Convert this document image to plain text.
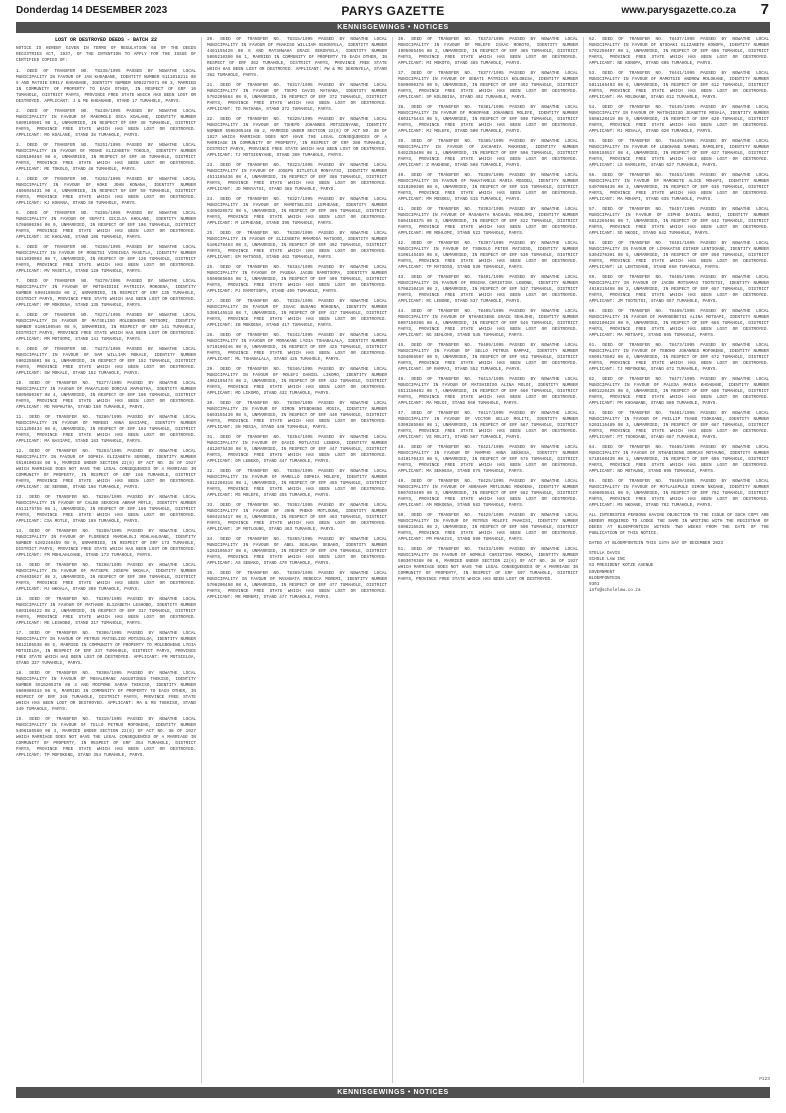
Donderdag 14 DESEMBER 2023	PARYS GAZETTE	www.parysgazette.co.za 7
KENNISGEWINGS • NOTICES

LOST OR DESTROYED DEEDS - BATCH 22

NOTICE IS HEREBY GIVEN IN TERMS OF REGULATION 68 OF THE DEEDS REGISTRIES ACT, 1937, OF THE INTENTION TO APPLY FOR THE ISSUE OF CERTIFIED COPIES OF:

1. DEED OF TRANSFER NO. T8238/1995 PASSED BY NGWATHE LOCAL MUNICIPALITY IN FAVOUR OF JAN KHOABANE, IDENTITY NUMBER 5111015211 08 5 AND MATSIE EMILY KHOABANE, IDENTITY NUMBER 5002270371 08 3, MARRIED IN COMMUNITY OF PROPERTY TO EACH OTHER, IN RESPECT OF ERF 10 TUMAHOLE, DISTRICT PARYS, PROVINCE FREE STATE WHICH HAS BEEN LOST OR DESTROYED. APPLICANT: J & ME KHOABANE, STAND 17 TUMAHOLE, PARYS.

2. DEED OF TRANSFER NO. T8240/1995 PASSED BY NGWATHE LOCAL MUNICIPALITY IN FAVOUR OF MAKOMOLE OSCA KOALANE, IDENTITY NUMBER 5609105901 08 3, UNMARRIED, IN RESPECT OF ERF 38 TUMAHOLE, DISTRICT PARYS, PROVINCE FREE STATE WHICH HAS BEEN LOST OR DESTROYED. APPLICANT: MO KOALANE, STAND 38 TUMAHOLE, PARYS.

3. DEED OF TRANSFER NO. T8251/1995 PASSED BY NGWATHE LOCAL MUNICIPALITY IN FAVOUR OF MOSHE ELIZABETH TOKOLO, IDENTITY NUMBER 5205190484 08 6, UNMARRIED, IN RESPECT OF ERF 46 TUMAHOLE, DISTRICT PARYS, PROVINCE FREE STATE WHICH HAS BEEN LOST OR DESTROYED. APPLICANT: ME TOKOLO, STAND 46 TUMAHOLE, PARYS.

4. DEED OF TRANSFER NO. T8262/1995 PASSED BY NGWATHE LOCAL MUNICIPALITY IN FAVOUR OF KOKE JOHN KONANA, IDENTITY NUMBER 4605045431 08 4, UNMARRIED, IN RESPECT OF ERF 59 TUMAHOLE, DISTRICT PARYS, PROVINCE FREE STATE WHICH HAS BEEN LOST OR DESTROYED. APPLICANT: KJ KONANA, STAND 59 TUMAHOLE, PARYS.

5. DEED OF TRANSFER NO. T8265/1995 PASSED BY NGWATHE LOCAL MUNICIPALITY IN FAVOUR OF SEPATI CECILIA KHOLANE, IDENTITY NUMBER 5708080394 08 0, UNMARRIED, IN RESPECT OF ERF 106 TUMAHOLE, DISTRICT PARYS, PROVINCE FREE STATE WHICH HAS BEEN LOST OR DESTROYED. APPLICANT: SC KHOLANE, STAND 106 TUMAHOLE, PARYS.

6. DEED OF TRANSFER NO. T8266/1995 PASSED BY NGWATHE LOCAL MUNICIPALITY IN FAVOUR OF MOSETSI VIRGINIA MASETLA, IDENTITY NUMBER 5811030903 08 7, UNMARRIED, IN RESPECT OF ERF 120 TUMAHOLE, DISTRICT PARYS, PROVINCE FREE STATE WHICH HAS BEEN LOST OR DESTROYED. APPLICANT: MV MASETLA, STAND 120 TUMAHOLE, PARYS.

7. DEED OF TRANSFER NO. T8270/1995 PASSED BY NGWATHE LOCAL MUNICIPALITY IN FAVOUR OF MOTSHIDISI PATRICIA MOKOENA, IDENTITY NUMBER 5904150838 08 2, UNMARRIED, IN RESPECT OF ERF 135 TUMAHOLE, DISTRICT PARYS, PROVINCE FREE STATE WHICH HAS BEEN LOST OR DESTROYED. APPLICANT: MP MOKOENA, STAND 135 TUMAHOLE, PARYS.

8. DEED OF TRANSFER NO. T8271/1995 PASSED BY NGWATHE LOCAL MUNICIPALITY IN FAVOUR OF MATSELISO MOLEBOHENG MOTSOMI, IDENTITY NUMBER 6106160546 08 9, UNMARRIED, IN RESPECT OF ERF 141 TUMAHOLE, DISTRICT PARYS, PROVINCE FREE STATE WHICH HAS BEEN LOST OR DESTROYED. APPLICANT: MM MOTSOMI, STAND 141 TUMAHOLE, PARYS.

9. DEED OF TRANSFER NO. T8273/1995 PASSED BY NGWATHE LOCAL MUNICIPALITY IN FAVOUR OF SAM WILLIAM MOKALE, IDENTITY NUMBER 5902255601 08 1, UNMARRIED, IN RESPECT OF ERF 152 TUMAHOLE, DISTRICT PARYS, PROVINCE FREE STATE WHICH HAS BEEN LOST OR DESTROYED. APPLICANT: SW MOKALE, STAND 152 TUMAHOLE, PARYS.

10. DEED OF TRANSFER NO. T8277/1995 PASSED BY NGWATHE LOCAL MUNICIPALITY IN FAVOUR OF MAKATLEHO DORCAS MAPHUTHA, IDENTITY NUMBER 5605080367 08 4, UNMARRIED, IN RESPECT OF ERF 160 TUMAHOLE, DISTRICT PARYS, PROVINCE FREE STATE WHICH HAS BEEN LOST OR DESTROYED. APPLICANT: MD MAPHUTHA, STAND 160 TUMAHOLE, PARYS.

11. DEED OF TRANSFER NO. T8280/1995 PASSED BY NGWATHE LOCAL MUNICIPALITY IN FAVOUR OF MOREBI ANNA BASIAMI, IDENTITY NUMBER 5211250434 08 8, UNMARRIED, IN RESPECT OF ERF 163 TUMAHOLE, DISTRICT PARYS, PROVINCE FREE STATE WHICH HAS BEEN LOST OR DESTROYED. APPLICANT: MA BASIAMI, STAND 163 TUMAHOLE, PARYS.

12. DEED OF TRANSFER NO. T8283/1995 PASSED BY NGWATHE LOCAL MUNICIPALITY IN FAVOUR OF SOPHIA ELIZABETH SEROBE, IDENTITY NUMBER 5510100348 08 5, MARRIED UNDER SECTION 22(6) OF ACT NO. 38 OF 1927 WHICH MARRIAGE DOES NOT HAVE THE LEGAL CONSEQUENCES OF A MARRIAGE IN COMMUNITY OF PROPERTY, IN RESPECT OF ERF 166 TUMAHOLE, DISTRICT PARYS, PROVINCE FREE STATE WHICH HAS BEEN LOST OR DESTROYED. APPLICANT: SE SEROBE, STAND 166 TUMAHOLE, PARYS.

13. DEED OF TRANSFER NO. T8288/1995 PASSED BY NGWATHE LOCAL MUNICIPALITY IN FAVOUR OF CALEB SEKOCHE ABRAM MOTLE, IDENTITY NUMBER 4511175755 08 1, UNMARRIED, IN RESPECT OF ERF 169 TUMAHOLE, DISTRICT PARYS, PROVINCE FREE STATE WHICH HAS BEEN LOST OR DESTROYED. APPLICANT: CSA MOTLE, STAND 169 TUMAHOLE, PARYS.

14. DEED OF TRANSFER NO. T8289/1995 PASSED BY NGWATHE LOCAL MUNICIPALITY IN FAVOUR OF FLORENCE MAMOHLOLI MOHLAHLOANE, IDENTITY NUMBER 5202240459 08 0, UNMARRIED, IN RESPECT OF ERF 173 TUMAHOLE, DISTRICT PARYS, PROVINCE FREE STATE WHICH HAS BEEN LOST OR DESTROYED. APPLICANT: FM MOHLAHLOANE, STAND 173 TUMAHOLE, PARYS.

15. DEED OF TRANSFER NO. T8298/1995 PASSED BY NGWATHE LOCAL MUNICIPALITY IN FAVOUR OF MATSEPE JOSEPH NKOALA, IDENTITY NUMBER 4704035627 08 3, UNMARRIED, IN RESPECT OF ERF 309 TUMAHOLE, DISTRICT PARYS, PROVINCE FREE STATE WHICH HAS BEEN LOST OR DESTROYED. APPLICANT: MJ NKOALA, STAND 309 TUMAHOLE, PARYS.

16. DEED OF TRANSFER NO. T8299/1995 PASSED BY NGWATHE LOCAL MUNICIPALITY IN FAVOUR OF MATHABO ELIZABETH LESHOBO, IDENTITY NUMBER 5603190422 08 2, UNMARRIED, IN RESPECT OF ERF 317 TUMAHOLE, DISTRICT PARYS, PROVINCE FREE STATE WHICH HAS BEEN LOST OR DESTROYED. APPLICANT: ME LESHOBO, STAND 317 TUMAHOLE, PARYS.

17. DEED OF TRANSFER NO. T8306/1995 PASSED BY NGWATHE LOCAL MUNICIPALITY IN FAVOUR OF PETRUS MATSELISO MOTSIELOA, IDENTITY NUMBER 5612105538 08 5, MARRIED IN COMMUNITY OF PROPERTY TO MOLEBOHENG LYDIA MOTSIELOA, IN RESPECT OF ERF 337 TUMAHOLE, DISTRICT PARYS, PROVINCE FREE STATE WHICH HAS BEEN LOST OR DESTROYED. APPLICANT: PM MOTSIELOA, STAND 337 TUMAHOLE, PARYS.

18. DEED OF TRANSFER NO. T8308/1995 PASSED BY NGWATHE LOCAL MUNICIPALITY IN FAVOUR OF MOSALEMANE AUGUSTINUS THEKISO, IDENTITY NUMBER 5510205370 08 3 AND MOIPONE SARAH THEKISO, IDENTITY NUMBER 5609080344 08 9, MARRIED IN COMMUNITY OF PROPERTY TO EACH OTHER, IN RESPECT OF ERF 349 TUMAHOLE, DISTRICT PARYS, PROVINCE FREE STATE WHICH HAS BEEN LOST OR DESTROYED. APPLICANT: MA & MS THEKISO, STAND 349 TUMAHOLE, PARYS.

19. DEED OF TRANSFER NO. T8310/1995 PASSED BY NGWATHE LOCAL MUNICIPALITY IN FAVOUR OF TELLO PETRUS MOFOKENG, IDENTITY NUMBER 5406185560 08 4, MARRIED UNDER SECTION 22(6) OF ACT NO. 38 OF 1927 WHICH MARRIAGE DOES NOT HAVE THE LEGAL CONSEQUENCES OF A MARRIAGE IN COMMUNITY OF PROPERTY, IN RESPECT OF ERF 354 TUMAHOLE, DISTRICT PARYS, PROVINCE FREE STATE WHICH HAS BEEN LOST OR DESTROYED. APPLICANT: TP MOFOKENG, STAND 354 TUMAHOLE, PARYS.

20. DEED OF TRANSFER NO. T8315/1995 PASSED BY NGWATHE LOCAL MUNICIPALITY IN FAVOUR OF PHAKISO WILLIAM SEKONYELA, IDENTITY NUMBER 4401155420 08 6 AND MATSHWAHA GRACE SEKONYELA, IDENTITY NUMBER 5005210350 08 1, MARRIED IN COMMUNITY OF PROPERTY TO EACH OTHER, IN RESPECT OF ERF 362 TUMAHOLE, DISTRICT PARYS, PROVINCE FREE STATE WHICH HAS BEEN LOST OR DESTROYED. APPLICANT: PW & MG SEKONYELA, STAND 362 TUMAHOLE, PARYS.

21. DEED OF TRANSFER NO. T8317/1995 PASSED BY NGWATHE LOCAL MUNICIPALITY IN FAVOUR OF TSEPO DAVID MATHABA, IDENTITY NUMBER 5702205664 08 0, UNMARRIED, IN RESPECT OF ERF 372 TUMAHOLE, DISTRICT PARYS, PROVINCE FREE STATE WHICH HAS BEEN LOST OR DESTROYED. APPLICANT: TD MATHABA, STAND 372 TUMAHOLE, PARYS.

22. DEED OF TRANSFER NO. T8320/1995 PASSED BY NGWATHE LOCAL MUNICIPALITY IN FAVOUR OF TSHEPO JOHANNES MOTSIENYANE, IDENTITY NUMBER 5508305448 08 2, MARRIED UNDER SECTION 22(6) OF ACT NO. 38 OF 1927 WHICH MARRIAGE DOES NOT HAVE THE LEGAL CONSEQUENCES OF A MARRIAGE IN COMMUNITY OF PROPERTY, IN RESPECT OF ERF 380 TUMAHOLE, DISTRICT PARYS, PROVINCE FREE STATE WHICH HAS BEEN LOST OR DESTROYED. APPLICANT: TJ MOTSIENYANE, STAND 380 TUMAHOLE, PARYS.

23. DEED OF TRANSFER NO. T8323/1995 PASSED BY NGWATHE LOCAL MUNICIPALITY IN FAVOUR OF JOSEPH DITLOTLO MONYATSI, IDENTITY NUMBER 4511105436 08 4, UNMARRIED, IN RESPECT OF ERF 388 TUMAHOLE, DISTRICT PARYS, PROVINCE FREE STATE WHICH HAS BEEN LOST OR DESTROYED. APPLICANT: JD MONYATSI, STAND 388 TUMAHOLE, PARYS.

24. DEED OF TRANSFER NO. T8327/1995 PASSED BY NGWATHE LOCAL MUNICIPALITY IN FAVOUR OF MAMOTSELISI LEPHEANE, IDENTITY NUMBER 5405020572 08 5, UNMARRIED, IN RESPECT OF ERF 395 TUMAHOLE, DISTRICT PARYS, PROVINCE FREE STATE WHICH HAS BEEN LOST OR DESTROYED. APPLICANT: M LEPHEANE, STAND 395 TUMAHOLE, PARYS.

25. DEED OF TRANSFER NO. T8330/1995 PASSED BY NGWATHE LOCAL MUNICIPALITY IN FAVOUR OF ELIZABETH MMAMOSA MATSOSO, IDENTITY NUMBER 5106270463 08 3, UNMARRIED, IN RESPECT OF ERF 402 TUMAHOLE, DISTRICT PARYS, PROVINCE FREE STATE WHICH HAS BEEN LOST OR DESTROYED. APPLICANT: EM MATSOSO, STAND 402 TUMAHOLE, PARYS.

26. DEED OF TRANSFER NO. T8334/1995 PASSED BY NGWATHE LOCAL MUNICIPALITY IN FAVOUR OF PASEKA JACOB RAMOTSOPA, IDENTITY NUMBER 5506085694 08 1, UNMARRIED, IN RESPECT OF ERF 409 TUMAHOLE, DISTRICT PARYS, PROVINCE FREE STATE WHICH HAS BEEN LOST OR DESTROYED. APPLICANT: PJ RAMOTSOPA, STAND 409 TUMAHOLE, PARYS.

27. DEED OF TRANSFER NO. T8338/1995 PASSED BY NGWATHE LOCAL MUNICIPALITY IN FAVOUR OF ISAAC BUSANG MOKOENA, IDENTITY NUMBER 5308145519 08 7, UNMARRIED, IN RESPECT OF ERF 417 TUMAHOLE, DISTRICT PARYS, PROVINCE FREE STATE WHICH HAS BEEN LOST OR DESTROYED. APPLICANT: IB MOKOENA, STAND 417 TUMAHOLE, PARYS.

28. DEED OF TRANSFER NO. T8342/1995 PASSED BY NGWATHE LOCAL MUNICIPALITY IN FAVOUR OF MORAKANE LYDIA TSHABALALA, IDENTITY NUMBER 5710100446 08 0, UNMARRIED, IN RESPECT OF ERF 425 TUMAHOLE, DISTRICT PARYS, PROVINCE FREE STATE WHICH HAS BEEN LOST OR DESTROYED. APPLICANT: ML TSHABALALA, STAND 425 TUMAHOLE, PARYS.

29. DEED OF TRANSFER NO. T8346/1995 PASSED BY NGWATHE LOCAL MUNICIPALITY IN FAVOUR OF MOLEFI DANIEL LIKOMO, IDENTITY NUMBER 4902195474 08 2, UNMARRIED, IN RESPECT OF ERF 432 TUMAHOLE, DISTRICT PARYS, PROVINCE FREE STATE WHICH HAS BEEN LOST OR DESTROYED. APPLICANT: MD LIKOMO, STAND 432 TUMAHOLE, PARYS.

30. DEED OF TRANSFER NO. T8350/1995 PASSED BY NGWATHE LOCAL MUNICIPALITY IN FAVOUR OF SIMON NTEBOHENG MOSIA, IDENTITY NUMBER 5603155439 08 5, UNMARRIED, IN RESPECT OF ERF 440 TUMAHOLE, DISTRICT PARYS, PROVINCE FREE STATE WHICH HAS BEEN LOST OR DESTROYED. APPLICANT: SN MOSIA, STAND 440 TUMAHOLE, PARYS.

31. DEED OF TRANSFER NO. T8354/1995 PASSED BY NGWATHE LOCAL MUNICIPALITY IN FAVOUR OF DAVID MOTLATSI LEBEKO, IDENTITY NUMBER 4812075430 08 9, UNMARRIED, IN RESPECT OF ERF 447 TUMAHOLE, DISTRICT PARYS, PROVINCE FREE STATE WHICH HAS BEEN LOST OR DESTROYED. APPLICANT: DM LEBEKO, STAND 447 TUMAHOLE, PARYS.

32. DEED OF TRANSFER NO. T8358/1995 PASSED BY NGWATHE LOCAL MUNICIPALITY IN FAVOUR OF MAMELLO SOPHIA MOLEFE, IDENTITY NUMBER 5812260318 08 1, UNMARRIED, IN RESPECT OF ERF 455 TUMAHOLE, DISTRICT PARYS, PROVINCE FREE STATE WHICH HAS BEEN LOST OR DESTROYED. APPLICANT: MS MOLEFE, STAND 455 TUMAHOLE, PARYS.

33. DEED OF TRANSFER NO. T8362/1995 PASSED BY NGWATHE LOCAL MUNICIPALITY IN FAVOUR OF JOHN PHEKO MOTLOUNG, IDENTITY NUMBER 5004245417 08 3, UNMARRIED, IN RESPECT OF ERF 463 TUMAHOLE, DISTRICT PARYS, PROVINCE FREE STATE WHICH HAS BEEN LOST OR DESTROYED. APPLICANT: JP MOTLOUNG, STAND 463 TUMAHOLE, PARYS.

34. DEED OF TRANSFER NO. T8365/1995 PASSED BY NGWATHE LOCAL MUNICIPALITY IN FAVOUR OF ABEL SEHLABA SEBAKO, IDENTITY NUMBER 5203105537 08 6, UNMARRIED, IN RESPECT OF ERF 470 TUMAHOLE, DISTRICT PARYS, PROVINCE FREE STATE WHICH HAS BEEN LOST OR DESTROYED. APPLICANT: AS SEBAKO, STAND 470 TUMAHOLE, PARYS.

35. DEED OF TRANSFER NO. T8369/1995 PASSED BY NGWATHE LOCAL MUNICIPALITY IN FAVOUR OF MASABATA REBECCA MOREMI, IDENTITY NUMBER 5708200450 08 4, UNMARRIED, IN RESPECT OF ERF 477 TUMAHOLE, DISTRICT PARYS, PROVINCE FREE STATE WHICH HAS BEEN LOST OR DESTROYED. APPLICANT: MR MOREMI, STAND 477 TUMAHOLE, PARYS.

36. DEED OF TRANSFER NO. T8373/1995 PASSED BY NGWATHE LOCAL MUNICIPALITY IN FAVOUR OF MOLEFE ISAAC MOKOTO, IDENTITY NUMBER 4905065456 08 2, UNMARRIED, IN RESPECT OF ERF 485 TUMAHOLE, DISTRICT PARYS, PROVINCE FREE STATE WHICH HAS BEEN LOST OR DESTROYED. APPLICANT: MI MOKOTO, STAND 485 TUMAHOLE, PARYS.

37. DEED OF TRANSFER NO. T8377/1995 PASSED BY NGWATHE LOCAL MUNICIPALITY IN FAVOUR OF SEBATI PATRICIA KOLOBISA, IDENTITY NUMBER 5509090378 08 0, UNMARRIED, IN RESPECT OF ERF 492 TUMAHOLE, DISTRICT PARYS, PROVINCE FREE STATE WHICH HAS BEEN LOST OR DESTROYED. APPLICANT: SP KOLOBISA, STAND 492 TUMAHOLE, PARYS.

38. DEED OF TRANSFER NO. T8381/1995 PASSED BY NGWATHE LOCAL MUNICIPALITY IN FAVOUR OF MOKOPANE JOHANNES MOLEFE, IDENTITY NUMBER 4603175443 08 5, UNMARRIED, IN RESPECT OF ERF 500 TUMAHOLE, DISTRICT PARYS, PROVINCE FREE STATE WHICH HAS BEEN LOST OR DESTROYED. APPLICANT: MJ MOLEFE, STAND 500 TUMAHOLE, PARYS.

39. DEED OF TRANSFER NO. T8385/1995 PASSED BY NGWATHE LOCAL MUNICIPALITY IN FAVOUR OF ZACHARIA MAKHENE, IDENTITY NUMBER 5402255498 08 1, UNMARRIED, IN RESPECT OF ERF 508 TUMAHOLE, DISTRICT PARYS, PROVINCE FREE STATE WHICH HAS BEEN LOST OR DESTROYED. APPLICANT: Z MAKHENE, STAND 508 TUMAHOLE, PARYS.

40. DEED OF TRANSFER NO. T8389/1995 PASSED BY NGWATHE LOCAL MUNICIPALITY IN FAVOUR OF MAKATAMELE MARIA MOSOEU, IDENTITY NUMBER 5310200380 08 6, UNMARRIED, IN RESPECT OF ERF 515 TUMAHOLE, DISTRICT PARYS, PROVINCE FREE STATE WHICH HAS BEEN LOST OR DESTROYED. APPLICANT: MM MOSOEU, STAND 515 TUMAHOLE, PARYS.

41. DEED OF TRANSFER NO. T8393/1995 PASSED BY NGWATHE LOCAL MUNICIPALITY IN FAVOUR OF MASABATA RACHAEL MOHLOMI, IDENTITY NUMBER 5604150375 08 3, UNMARRIED, IN RESPECT OF ERF 522 TUMAHOLE, DISTRICT PARYS, PROVINCE FREE STATE WHICH HAS BEEN LOST OR DESTROYED. APPLICANT: MR MOHLOMI, STAND 522 TUMAHOLE, PARYS.

42. DEED OF TRANSFER NO. T8397/1995 PASSED BY NGWATHE LOCAL MUNICIPALITY IN FAVOUR OF TSOKOLO PETER MATSOSO, IDENTITY NUMBER 5106145489 08 8, UNMARRIED, IN RESPECT OF ERF 530 TUMAHOLE, DISTRICT PARYS, PROVINCE FREE STATE WHICH HAS BEEN LOST OR DESTROYED. APPLICANT: TP MATSOSO, STAND 530 TUMAHOLE, PARYS.

43. DEED OF TRANSFER NO. T8401/1995 PASSED BY NGWATHE LOCAL MUNICIPALITY IN FAVOUR OF ROSINA CHRISTINA LEBONE, IDENTITY NUMBER 5708210410 08 2, UNMARRIED, IN RESPECT OF ERF 537 TUMAHOLE, DISTRICT PARYS, PROVINCE FREE STATE WHICH HAS BEEN LOST OR DESTROYED. APPLICANT: RC LEBONE, STAND 537 TUMAHOLE, PARYS.

44. DEED OF TRANSFER NO. T8405/1995 PASSED BY NGWATHE LOCAL MUNICIPALITY IN FAVOUR OF NTHABISENG GRACE SEHLOHO, IDENTITY NUMBER 6007150366 08 4, UNMARRIED, IN RESPECT OF ERF 545 TUMAHOLE, DISTRICT PARYS, PROVINCE FREE STATE WHICH HAS BEEN LOST OR DESTROYED. APPLICANT: NG SEHLOHO, STAND 545 TUMAHOLE, PARYS.

45. DEED OF TRANSFER NO. T8409/1995 PASSED BY NGWATHE LOCAL MUNICIPALITY IN FAVOUR OF SELLO PETRUS RAMPAI, IDENTITY NUMBER 5204065507 08 9, UNMARRIED, IN RESPECT OF ERF 552 TUMAHOLE, DISTRICT PARYS, PROVINCE FREE STATE WHICH HAS BEEN LOST OR DESTROYED. APPLICANT: SP RAMPAI, STAND 552 TUMAHOLE, PARYS.

46. DEED OF TRANSFER NO. T8413/1995 PASSED BY NGWATHE LOCAL MUNICIPALITY IN FAVOUR OF MATSHIDISO ALINA MOLOI, IDENTITY NUMBER 5511150402 08 7, UNMARRIED, IN RESPECT OF ERF 560 TUMAHOLE, DISTRICT PARYS, PROVINCE FREE STATE WHICH HAS BEEN LOST OR DESTROYED. APPLICANT: MA MOLOI, STAND 560 TUMAHOLE, PARYS.

47. DEED OF TRANSFER NO. T8417/1995 PASSED BY NGWATHE LOCAL MUNICIPALITY IN FAVOUR OF VICTOR SELLO MOLITI, IDENTITY NUMBER 5309285508 08 1, UNMARRIED, IN RESPECT OF ERF 567 TUMAHOLE, DISTRICT PARYS, PROVINCE FREE STATE WHICH HAS BEEN LOST OR DESTROYED. APPLICANT: VS MOLITI, STAND 567 TUMAHOLE, PARYS.

48. DEED OF TRANSFER NO. T8421/1995 PASSED BY NGWATHE LOCAL MUNICIPALITY IN FAVOUR OF MAMPHO ANNA SEKHESA, IDENTITY NUMBER 5410170433 08 5, UNMARRIED, IN RESPECT OF ERF 575 TUMAHOLE, DISTRICT PARYS, PROVINCE FREE STATE WHICH HAS BEEN LOST OR DESTROYED. APPLICANT: MA SEKHESA, STAND 575 TUMAHOLE, PARYS.

49. DEED OF TRANSFER NO. T8425/1995 PASSED BY NGWATHE LOCAL MUNICIPALITY IN FAVOUR OF ABRAHAM MOTLOUNG MOKOENA, IDENTITY NUMBER 5007035499 08 3, UNMARRIED, IN RESPECT OF ERF 582 TUMAHOLE, DISTRICT PARYS, PROVINCE FREE STATE WHICH HAS BEEN LOST OR DESTROYED. APPLICANT: AM MOKOENA, STAND 582 TUMAHOLE, PARYS.

50. DEED OF TRANSFER NO. T8429/1995 PASSED BY NGWATHE LOCAL MUNICIPALITY IN FAVOUR OF PETRUS MOLEFI PHAKISI, IDENTITY NUMBER 5608215531 08 2, UNMARRIED, IN RESPECT OF ERF 590 TUMAHOLE, DISTRICT PARYS, PROVINCE FREE STATE WHICH HAS BEEN LOST OR DESTROYED. APPLICANT: PM PHAKISI, STAND 590 TUMAHOLE, PARYS.

51. DEED OF TRANSFER NO. T8433/1995 PASSED BY NGWATHE LOCAL MUNICIPALITY IN FAVOUR OF NOMHLE CHRISTINA MOKOKA, IDENTITY NUMBER 5903070388 08 6, MARRIED UNDER SECTION 22(6) OF ACT NO. 38 OF 1927 WHICH MARRIAGE DOES NOT HAVE THE LEGAL CONSEQUENCES OF A MARRIAGE IN COMMUNITY OF PROPERTY, IN RESPECT OF ERF 597 TUMAHOLE, DISTRICT PARYS, PROVINCE FREE STATE WHICH HAS BEEN LOST OR DESTROYED.

52. DEED OF TRANSFER NO. T8437/1995 PASSED BY NGWATHE LOCAL MUNICIPALITY IN FAVOUR OF NTSOAKI ELIZABETH KONOPA, IDENTITY NUMBER 5702250407 08 1, UNMARRIED, IN RESPECT OF ERF 605 TUMAHOLE, DISTRICT PARYS, PROVINCE FREE STATE WHICH HAS BEEN LOST OR DESTROYED. APPLICANT: NE KONOPA, STAND 605 TUMAHOLE, PARYS.

53. DEED OF TRANSFER NO. T8441/1995 PASSED BY NGWATHE LOCAL MUNICIPALITY IN FAVOUR OF MAMOTSIE ANDREW MOLOKANE, IDENTITY NUMBER 5011165493 08 6, UNMARRIED, IN RESPECT OF ERF 612 TUMAHOLE, DISTRICT PARYS, PROVINCE FREE STATE WHICH HAS BEEN LOST OR DESTROYED. APPLICANT: MA MOLOKANE, STAND 612 TUMAHOLE, PARYS.

54. DEED OF TRANSFER NO. T8445/1995 PASSED BY NGWATHE LOCAL MUNICIPALITY IN FAVOUR OF MATSHIDISO JEANETTE MOSALA, IDENTITY NUMBER 5608120419 08 9, UNMARRIED, IN RESPECT OF ERF 620 TUMAHOLE, DISTRICT PARYS, PROVINCE FREE STATE WHICH HAS BEEN LOST OR DESTROYED. APPLICANT: MJ MOSALA, STAND 620 TUMAHOLE, PARYS.

55. DEED OF TRANSFER NO. T8449/1995 PASSED BY NGWATHE LOCAL MUNICIPALITY IN FAVOUR OF LEBOHANG SAMUEL RAMOLEFE, IDENTITY NUMBER 5505195517 08 4, UNMARRIED, IN RESPECT OF ERF 627 TUMAHOLE, DISTRICT PARYS, PROVINCE FREE STATE WHICH HAS BEEN LOST OR DESTROYED. APPLICANT: LS RAMOLEFE, STAND 627 TUMAHOLE, PARYS.

56. DEED OF TRANSFER NO. T8453/1995 PASSED BY NGWATHE LOCAL MUNICIPALITY IN FAVOUR OF MAMOKETE ALICE MOHAPI, IDENTITY NUMBER 5407080430 08 3, UNMARRIED, IN RESPECT OF ERF 635 TUMAHOLE, DISTRICT PARYS, PROVINCE FREE STATE WHICH HAS BEEN LOST OR DESTROYED. APPLICANT: MA MOHAPI, STAND 635 TUMAHOLE, PARYS.

57. DEED OF TRANSFER NO. T8457/1995 PASSED BY NGWATHE LOCAL MUNICIPALITY IN FAVOUR OF SIPHO DANIEL NKOSI, IDENTITY NUMBER 5812265496 08 7, UNMARRIED, IN RESPECT OF ERF 642 TUMAHOLE, DISTRICT PARYS, PROVINCE FREE STATE WHICH HAS BEEN LOST OR DESTROYED. APPLICANT: SD NKOSI, STAND 642 TUMAHOLE, PARYS.

58. DEED OF TRANSFER NO. T8461/1995 PASSED BY NGWATHE LOCAL MUNICIPALITY IN FAVOUR OF LIMAKATSO ESTHER LENTSOANE, IDENTITY NUMBER 5304270391 08 5, UNMARRIED, IN RESPECT OF ERF 650 TUMAHOLE, DISTRICT PARYS, PROVINCE FREE STATE WHICH HAS BEEN LOST OR DESTROYED. APPLICANT: LE LENTSOANE, STAND 650 TUMAHOLE, PARYS.

59. DEED OF TRANSFER NO. T8465/1995 PASSED BY NGWATHE LOCAL MUNICIPALITY IN FAVOUR OF JACOB MOTSAMAI TSOTETSI, IDENTITY NUMBER 4910215468 08 2, UNMARRIED, IN RESPECT OF ERF 657 TUMAHOLE, DISTRICT PARYS, PROVINCE FREE STATE WHICH HAS BEEN LOST OR DESTROYED. APPLICANT: JM TSOTETSI, STAND 657 TUMAHOLE, PARYS.

60. DEED OF TRANSFER NO. T8469/1995 PASSED BY NGWATHE LOCAL MUNICIPALITY IN FAVOUR OF MAMOSEBETSI ALINA MOTSAPI, IDENTITY NUMBER 5602100428 08 0, UNMARRIED, IN RESPECT OF ERF 665 TUMAHOLE, DISTRICT PARYS, PROVINCE FREE STATE WHICH HAS BEEN LOST OR DESTROYED. APPLICANT: MA MOTSAPI, STAND 665 TUMAHOLE, PARYS.

61. DEED OF TRANSFER NO. T8473/1995 PASSED BY NGWATHE LOCAL MUNICIPALITY IN FAVOUR OF TEBOHO JOHANNES MOFOKENG, IDENTITY NUMBER 5509175502 08 8, UNMARRIED, IN RESPECT OF ERF 672 TUMAHOLE, DISTRICT PARYS, PROVINCE FREE STATE WHICH HAS BEEN LOST OR DESTROYED. APPLICANT: TJ MOFOKENG, STAND 672 TUMAHOLE, PARYS.

62. DEED OF TRANSFER NO. T8477/1995 PASSED BY NGWATHE LOCAL MUNICIPALITY IN FAVOUR OF PALESA MARIA KHOABANE, IDENTITY NUMBER 6001220425 08 6, UNMARRIED, IN RESPECT OF ERF 680 TUMAHOLE, DISTRICT PARYS, PROVINCE FREE STATE WHICH HAS BEEN LOST OR DESTROYED. APPLICANT: PM KHOABANE, STAND 680 TUMAHOLE, PARYS.

63. DEED OF TRANSFER NO. T8481/1995 PASSED BY NGWATHE LOCAL MUNICIPALITY IN FAVOUR OF PHILLIP THABO TSOKOANE, IDENTITY NUMBER 5203115489 08 3, UNMARRIED, IN RESPECT OF ERF 687 TUMAHOLE, DISTRICT PARYS, PROVINCE FREE STATE WHICH HAS BEEN LOST OR DESTROYED. APPLICANT: PT TSOKOANE, STAND 687 TUMAHOLE, PARYS.

64. DEED OF TRANSFER NO. T8485/1995 PASSED BY NGWATHE LOCAL MUNICIPALITY IN FAVOUR OF NTHABISENG DORCAS MOTAUNG, IDENTITY NUMBER 5710160439 08 1, UNMARRIED, IN RESPECT OF ERF 695 TUMAHOLE, DISTRICT PARYS, PROVINCE FREE STATE WHICH HAS BEEN LOST OR DESTROYED. APPLICANT: ND MOTAUNG, STAND 695 TUMAHOLE, PARYS.

65. DEED OF TRANSFER NO. T8489/1995 PASSED BY NGWATHE LOCAL MUNICIPALITY IN FAVOUR OF MOTLALEPULE SIMON NKOANE, IDENTITY NUMBER 5406055541 08 9, UNMARRIED, IN RESPECT OF ERF 702 TUMAHOLE, DISTRICT PARYS, PROVINCE FREE STATE WHICH HAS BEEN LOST OR DESTROYED. APPLICANT: MS NKOANE, STAND 702 TUMAHOLE, PARYS.

ALL INTERESTED PERSONS HAVING OBJECTION TO THE ISSUE OF SUCH COPY ARE HEREBY REQUIRED TO LODGE THE SAME IN WRITING WITH THE REGISTRAR OF DEEDS AT BLOEMFONTEIN WITHIN TWO WEEKS FROM THE DATE OF THE PUBLICATION OF THIS NOTICE.

DATED AT BLOEMFONTEIN THIS 14TH DAY OF DECEMBER 2023

STELLA DAVIS
SCHOLE LAW INC
53 PRESIDENT KOTZE AVENUE
GOVERNMENT
BLOEMFONTEIN
9301
info@scholelaw.co.za
P123
KENNISGEWINGS • NOTICES
